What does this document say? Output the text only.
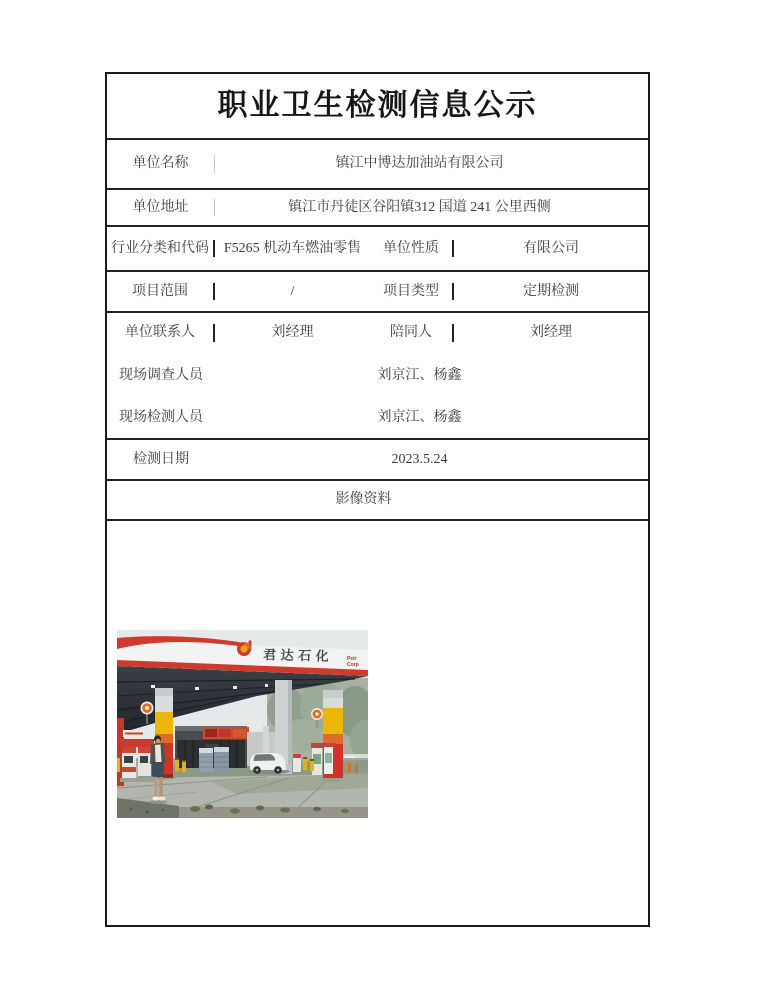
职业卫生检测信息公示
单位名称	镇江中博达加油站有限公司
单位地址	镇江市丹徒区谷阳镇312 国道 241 公里西侧
行业分类和代码	F5265 机动车燃油零售	单位性质	有限公司
项目范围	/	项目类型	定期检测
单位联系人	刘经理	陪同人	刘经理
现场调查人员	刘京江、杨鑫
现场检测人员	刘京江、杨鑫
检测日期	2023.5.24
影像资料
君达石化	Petr
Corp
